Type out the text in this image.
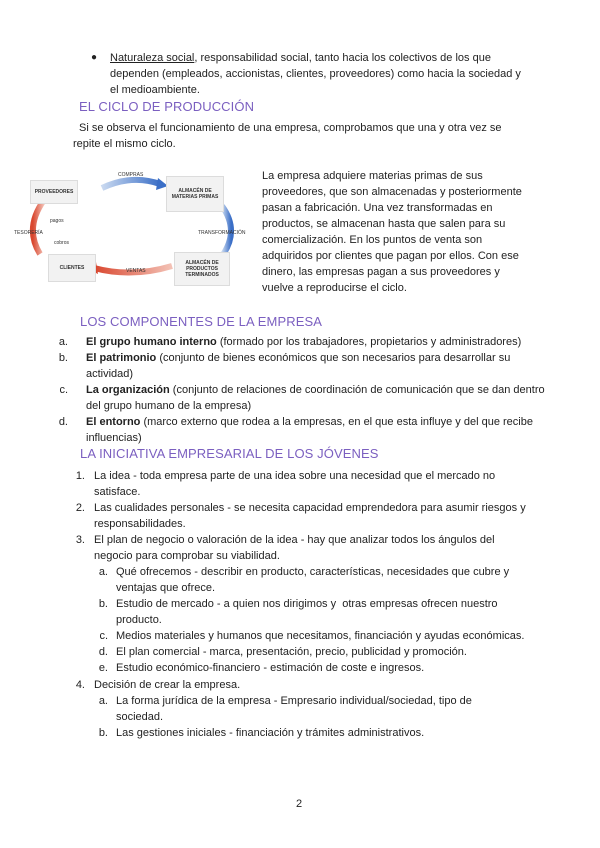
● Naturaleza social, responsabilidad social, tanto hacia los colectivos de los que
dependen (empleados, accionistas, clientes, proveedores) como hacia la sociedad y
el medioambiente.
EL CICLO DE PRODUCCIÓN
Si se observa el funcionamiento de una empresa, comprobamos que una y otra vez se
repite el mismo ciclo.
PROVEEDORES	ALMACÉN DE MATERIAS PRIMAS
ALMACÉN DE PRODUCTOS TERMINADOS
CLIENTES
COMPRAS
TRANSFORMACIÓN
VENTAS
TESORERÍA
pagos
cobros
La empresa adquiere materias primas de sus
proveedores, que son almacenadas y posteriormente
pasan a fabricación. Una vez transformadas en
productos, se almacenan hasta que salen para su
comercialización. En los puntos de venta son
adquiridos por clientes que pagan por ellos. Con ese
dinero, las empresas pagan a sus proveedores y
vuelve a reproducirse el ciclo.
LOS COMPONENTES DE LA EMPRESA
a. El grupo humano interno (formado por los trabajadores, propietarios y administradores)
b. El patrimonio (conjunto de bienes económicos que son necesarios para desarrollar su
actividad)
c. La organización (conjunto de relaciones de coordinación de comunicación que se dan dentro
del grupo humano de la empresa)
d. El entorno (marco externo que rodea a la empresas, en el que esta influye y del que recibe
influencias)
LA INICIATIVA EMPRESARIAL DE LOS JÓVENES
1. La idea - toda empresa parte de una idea sobre una necesidad que el mercado no
satisface.
2. Las cualidades personales - se necesita capacidad emprendedora para asumir riesgos y
responsabilidades.
3. El plan de negocio o valoración de la idea - hay que analizar todos los ángulos del
negocio para comprobar su viabilidad.
a. Qué ofrecemos - describir en producto, características, necesidades que cubre y
ventajas que ofrece.
b. Estudio de mercado - a quien nos dirigimos y  otras empresas ofrecen nuestro
producto.
c. Medios materiales y humanos que necesitamos, financiación y ayudas económicas.
d. El plan comercial - marca, presentación, precio, publicidad y promoción.
e. Estudio económico-financiero - estimación de coste e ingresos.
4. Decisión de crear la empresa.
a. La forma jurídica de la empresa - Empresario individual/sociedad, tipo de
sociedad.
b. Las gestiones iniciales - financiación y trámites administrativos.
2
